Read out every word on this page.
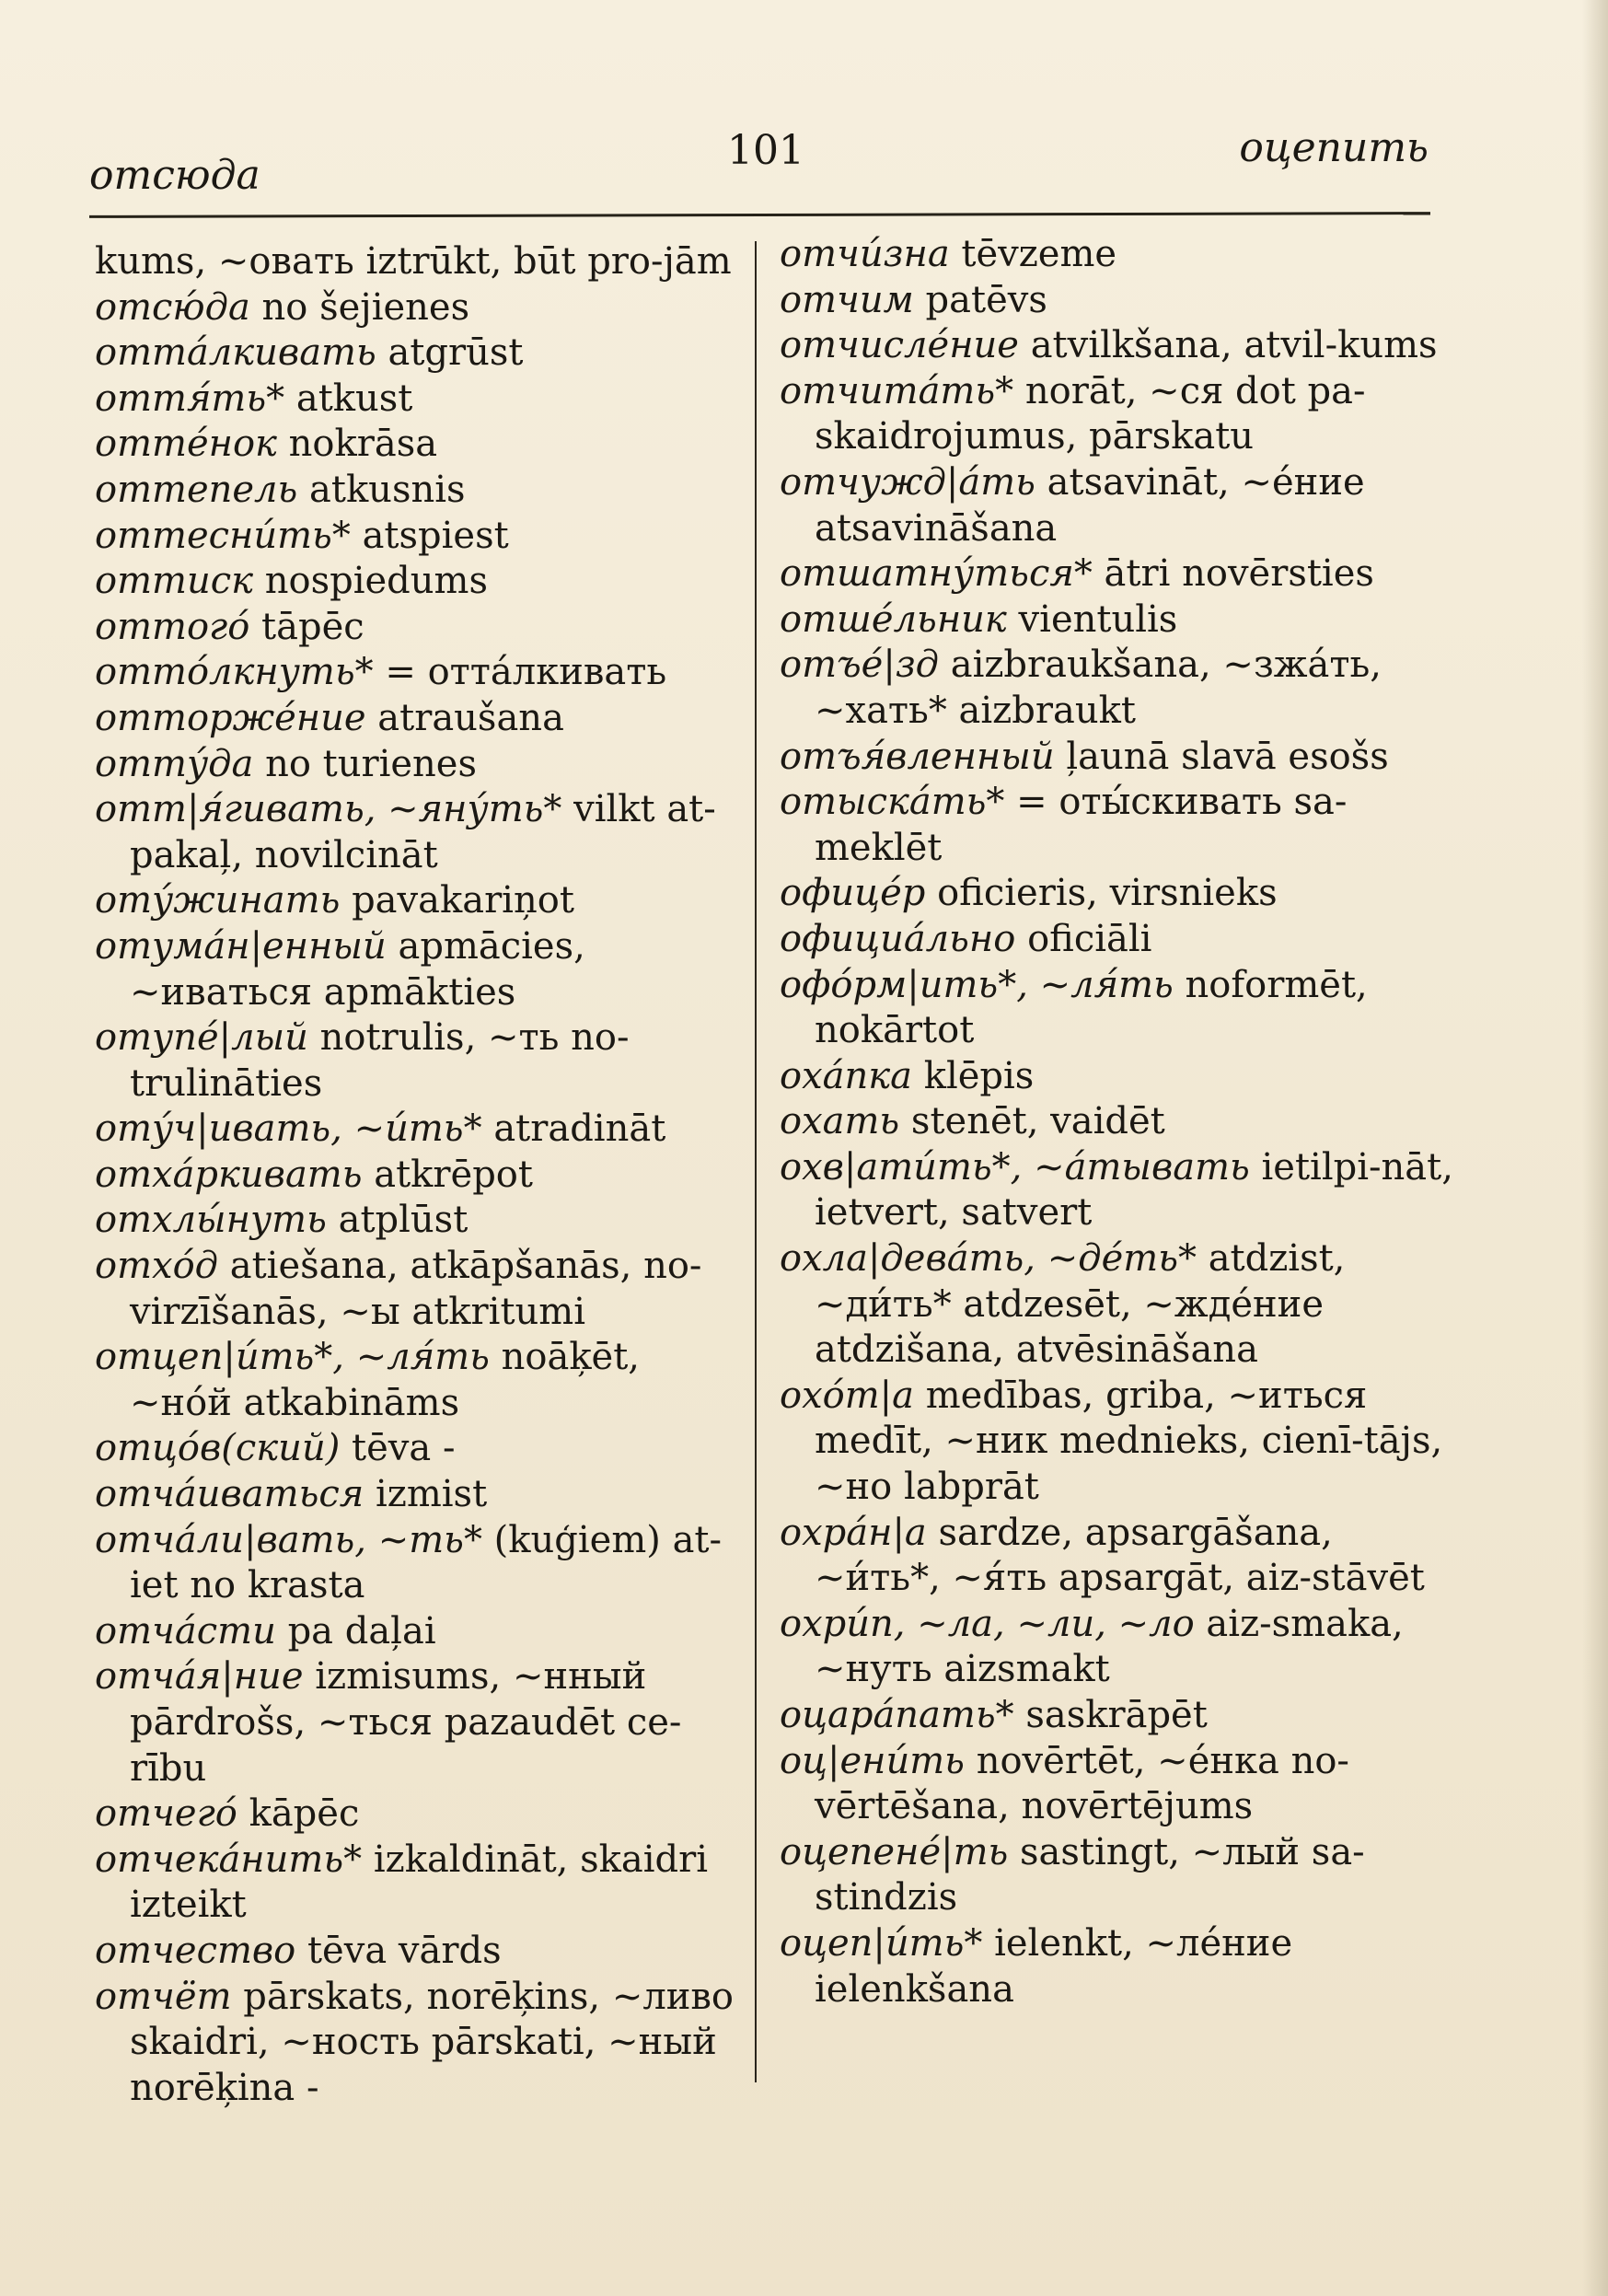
отсюда
101	оцепить

kums, ~овать iztrūkt, būt pro-jām

отсю́да no šejienes

отта́лкивать atgrūst

оття́ть* atkust

отте́нок nokrāsa

оттепель atkusnis

оттесни́ть* atspiest

оттиск nospiedums

оттого́ tāpēc

отто́лкнуть* = отта́лкивать

отторже́ние atraušana

отту́да no turienes

отт|я́гивать, ~яну́ть* vilkt at-pakaļ, novilcināt

оту́жинать pavakariņot

отума́н|енный apmācies, ~иваться apmākties

отупе́|лый notrulis, ~ть no-trulināties

оту́ч|ивать, ~и́ть* atradināt

отха́ркивать atkrēpot

отхлы́нуть atplūst

отхо́д atiešana, atkāpšanās, no-virzīšanās, ~ы atkritumi

отцеп|и́ть*, ~ля́ть noāķēt, ~но́й atkabināms

отцо́в(ский) tēva -

отча́иваться izmist

отча́ли|вать, ~ть* (kuģiem) at-iet no krasta

отча́сти pa daļai

отча́я|ние izmisums, ~нный pārdrošs, ~ться pazaudēt ce-rību

отчего́ kāpēc

отчека́нить* izkaldināt, skaidri izteikt

отчество tēva vārds

отчёт pārskats, norēķins, ~ливо skaidri, ~ность pārskati, ~ный norēķina -

отчи́зна tēvzeme

отчим patēvs

отчисле́ние atvilkšana, atvil-kums

отчита́ть* norāt, ~ся dot pa-skaidrojumus, pārskatu

отчужд|а́ть atsavināt, ~е́ние atsavināšana

отшатну́ться* ātri novērsties

отше́льник vientulis

отъе́|зд aizbraukšana, ~зжа́ть, ~хать* aizbraukt

отъя́вленный ļaunā slavā esošs

отыска́ть* = оты́скивать sa-meklēt

офице́р oficieris, virsnieks

официа́льно oficiāli

офо́рм|ить*, ~ля́ть noformēt, nokārtot

оха́пка klēpis

охать stenēt, vaidēt

охв|ати́ть*, ~а́тывать ietilpi-nāt, ietvert, satvert

охла|дева́ть, ~де́ть* atdzist, ~ди́ть* atdzesēt, ~жде́ние atdzišana, atvēsināšana

охо́т|а medības, griba, ~иться medīt, ~ник mednieks, cienī-tājs, ~но labprāt

охра́н|а sardze, apsargāšana, ~и́ть*, ~я́ть apsargāt, aiz-stāvēt

охри́п, ~ла, ~ли, ~ло aiz-smaka, ~нуть aizsmakt

оцара́пать* saskrāpēt

оц|ени́ть novērtēt, ~е́нка no-vērtēšana, novērtējums

оцепене́|ть sastingt, ~лый sa-stindzis

оцеп|и́ть* ielenkt, ~ле́ние ielenkšana
